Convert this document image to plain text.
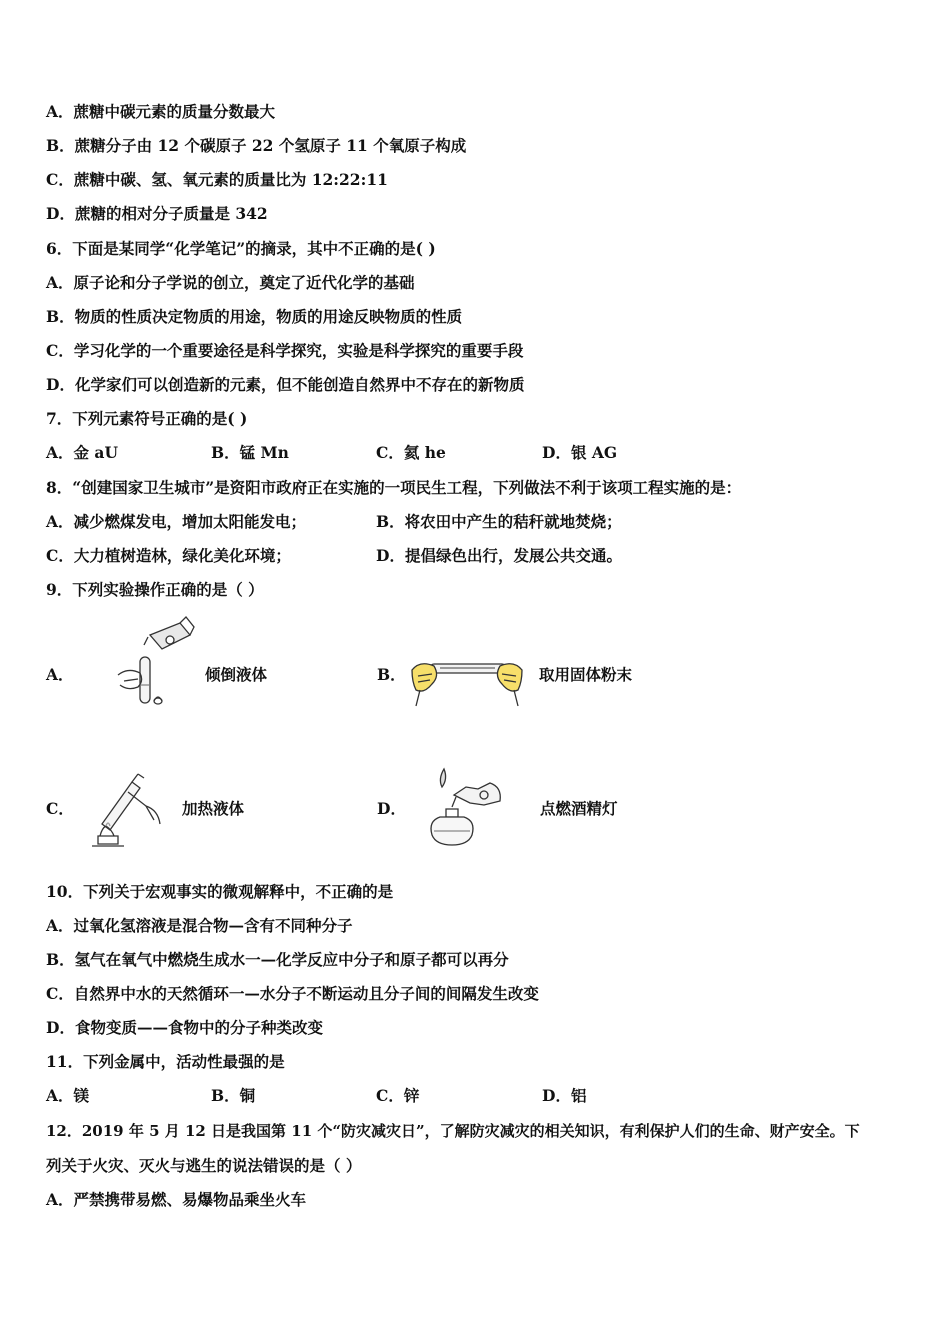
A．蔗糖中碳元素的质量分数最大
B．蔗糖分子由 12 个碳原子 22 个氢原子 11 个氧原子构成
C．蔗糖中碳、氢、氧元素的质量比为 12:22:11
D．蔗糖的相对分子质量是 342
6．下面是某同学“化学笔记”的摘录，其中不正确的是( )
A．原子论和分子学说的创立，奠定了近代化学的基础
B．物质的性质决定物质的用途，物质的用途反映物质的性质
C．学习化学的一个重要途径是科学探究，实验是科学探究的重要手段
D．化学家们可以创造新的元素，但不能创造自然界中不存在的新物质
7．下列元素符号正确的是( )
A．金 aU	B．锰 Mn	C．氦 he	D．银 AG
8．“创建国家卫生城市”是资阳市政府正在实施的一项民生工程，下列做法不利于该项工程实施的是：
A．减少燃煤发电，增加太阳能发电；	B．将农田中产生的秸秆就地焚烧；
C．大力植树造林，绿化美化环境；	D．提倡绿色出行，发展公共交通。
9．下列实验操作正确的是（ ）
A．	倾倒液体	B．	取用固体粉末
C．	加热液体	D．	点燃酒精灯
10．下列关于宏观事实的微观解释中，不正确的是
A．过氧化氢溶液是混合物—含有不同种分子
B．氢气在氧气中燃烧生成水一—化学反应中分子和原子都可以再分
C．自然界中水的天然循环一—水分子不断运动且分子间的间隔发生改变
D．食物变质——食物中的分子种类改变
11．下列金属中，活动性最强的是
A．镁	B．铜	C．锌	D．铝
12．2019 年 5 月 12 日是我国第 11 个“防灾减灾日”，了解防灾减灾的相关知识，有利保护人们的生命、财产安全。下
列关于火灾、灭火与逃生的说法错误的是（ ）
A．严禁携带易燃、易爆物品乘坐火车
